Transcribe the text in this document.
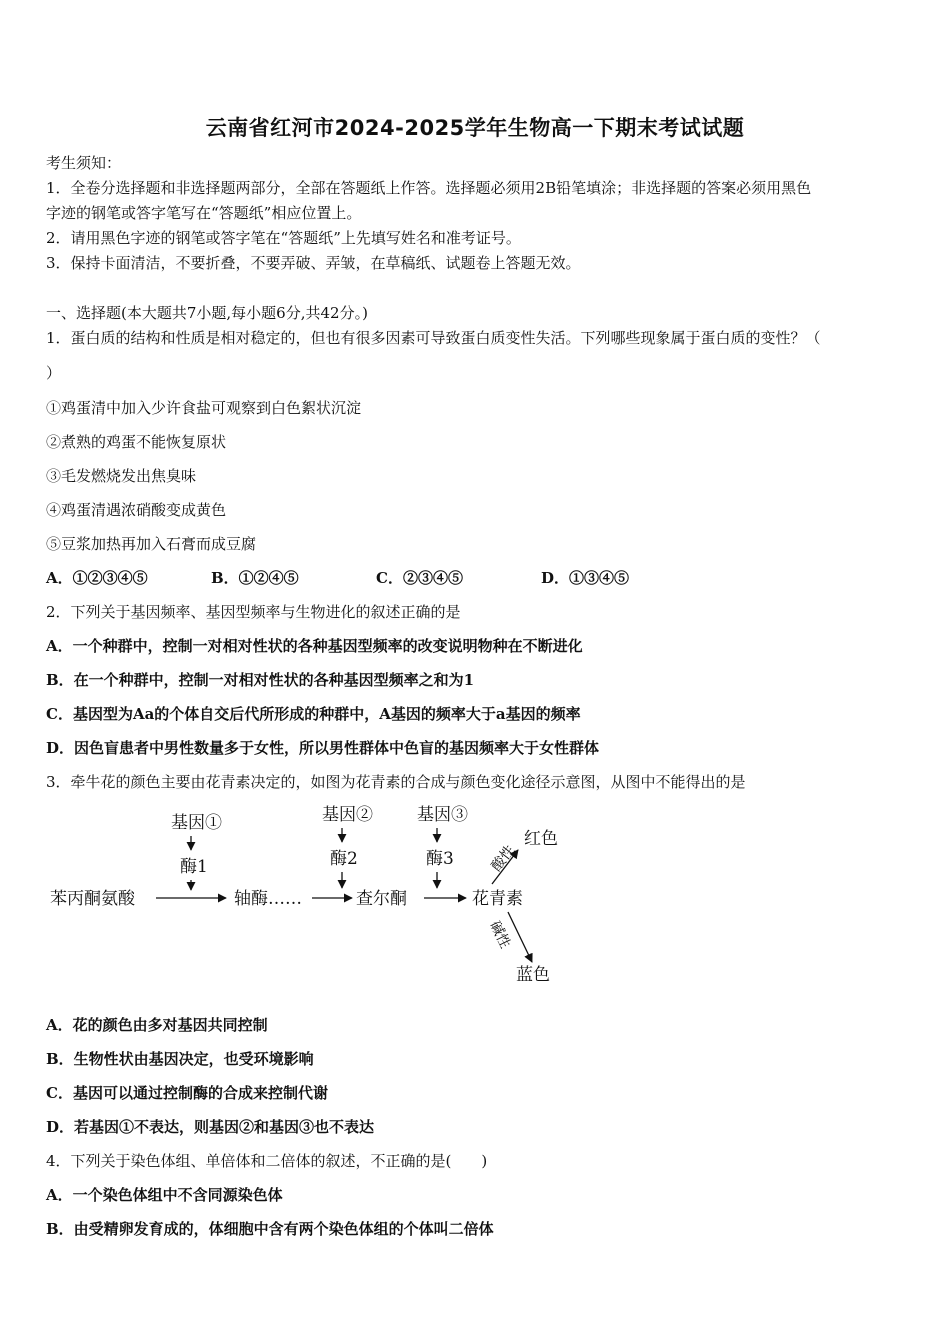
云南省红河市2024-2025学年生物高一下期末考试试题
考生须知：
1．全卷分选择题和非选择题两部分，全部在答题纸上作答。选择题必须用2B铅笔填涂；非选择题的答案必须用黑色
字迹的钢笔或答字笔写在“答题纸”相应位置上。
2．请用黑色字迹的钢笔或答字笔在“答题纸”上先填写姓名和准考证号。
3．保持卡面清洁，不要折叠，不要弄破、弄皱，在草稿纸、试题卷上答题无效。
一、选择题(本大题共7小题,每小题6分,共42分。)
1．蛋白质的结构和性质是相对稳定的，但也有很多因素可导致蛋白质变性失活。下列哪些现象属于蛋白质的变性？（
）
①鸡蛋清中加入少许食盐可观察到白色絮状沉淀
②煮熟的鸡蛋不能恢复原状
③毛发燃烧发出焦臭味
④鸡蛋清遇浓硝酸变成黄色
⑤豆浆加热再加入石膏而成豆腐
A．①②③④⑤	B．①②④⑤	C．②③④⑤	D．①③④⑤
2．下列关于基因频率、基因型频率与生物进化的叙述正确的是
A．一个种群中，控制一对相对性状的各种基因型频率的改变说明物种在不断进化
B．在一个种群中，控制一对相对性状的各种基因型频率之和为1
C．基因型为Aa的个体自交后代所形成的种群中，A基因的频率大于a基因的频率
D．因色盲患者中男性数量多于女性，所以男性群体中色盲的基因频率大于女性群体
3．牵牛花的颜色主要由花青素决定的，如图为花青素的合成与颜色变化途径示意图，从图中不能得出的是
基因①
酶1
基因②
酶2
基因③
酶3
苯丙酮氨酸	轴酶……	查尔酮	花青素
酸性
红色
碱性
蓝色
A．花的颜色由多对基因共同控制
B．生物性状由基因决定，也受环境影响
C．基因可以通过控制酶的合成来控制代谢
D．若基因①不表达，则基因②和基因③也不表达
4．下列关于染色体组、单倍体和二倍体的叙述，不正确的是(　　)
A．一个染色体组中不含同源染色体
B．由受精卵发育成的，体细胞中含有两个染色体组的个体叫二倍体
